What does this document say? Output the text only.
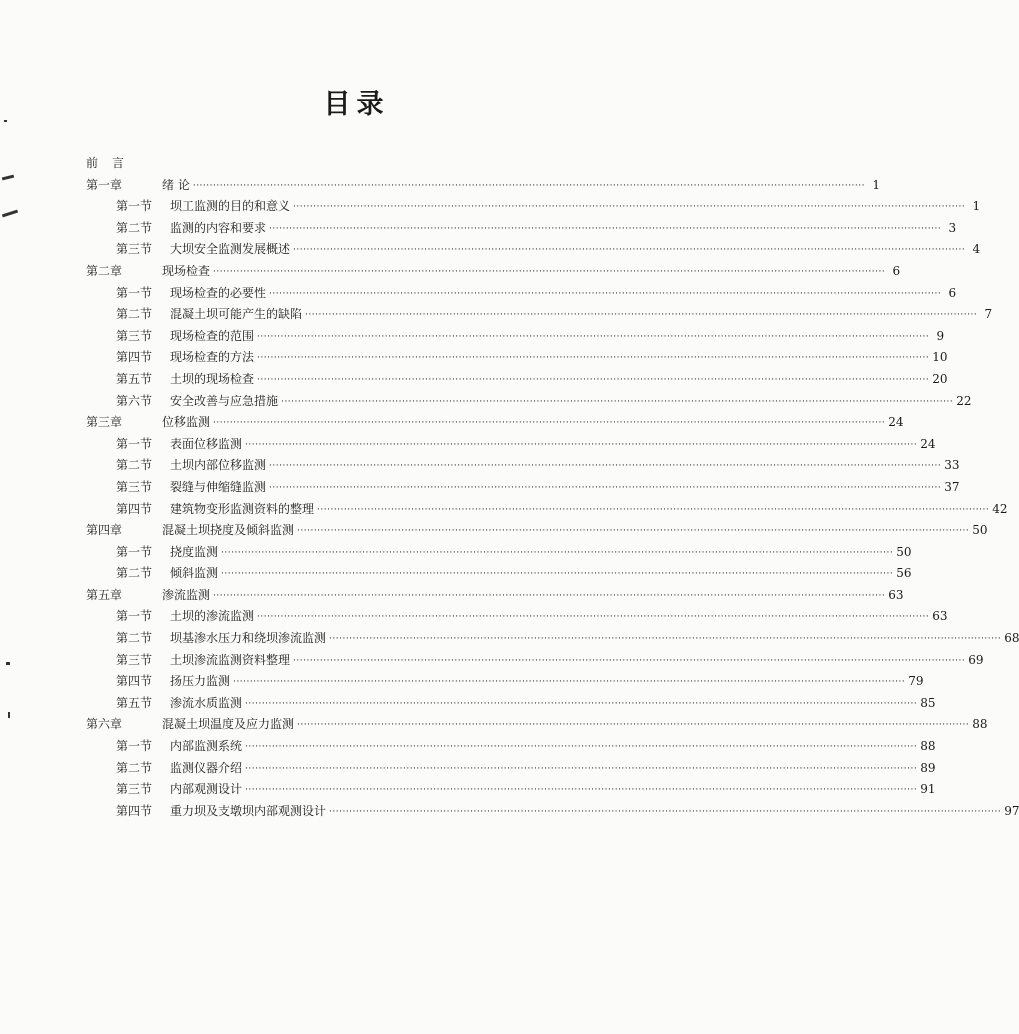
目录
前言
第一章	绪 论 ········································································································································································································ 1
第一节 坝工监测的目的和意义 ········································································································································································································ 1
第二节 监测的内容和要求 ········································································································································································································ 3
第三节 大坝安全监测发展概述 ········································································································································································································ 4
第二章	现场检查 ········································································································································································································ 6
第一节 现场检查的必要性 ········································································································································································································ 6
第二节 混凝土坝可能产生的缺陷 ········································································································································································································ 7
第三节 现场检查的范围 ········································································································································································································ 9
第四节 现场检查的方法 ········································································································································································································ 10
第五节 土坝的现场检查 ········································································································································································································ 20
第六节 安全改善与应急措施 ········································································································································································································ 22
第三章	位移监测 ········································································································································································································ 24
第一节 表面位移监测 ········································································································································································································ 24
第二节 土坝内部位移监测 ········································································································································································································ 33
第三节 裂缝与伸缩缝监测 ········································································································································································································ 37
第四节 建筑物变形监测资料的整理 ········································································································································································································ 42
第四章	混凝土坝挠度及倾斜监测 ········································································································································································································ 50
第一节 挠度监测 ········································································································································································································ 50
第二节 倾斜监测 ········································································································································································································ 56
第五章	渗流监测 ········································································································································································································ 63
第一节 土坝的渗流监测 ········································································································································································································ 63
第二节 坝基渗水压力和绕坝渗流监测 ········································································································································································································ 68
第三节 土坝渗流监测资料整理 ········································································································································································································ 69
第四节 扬压力监测 ········································································································································································································ 79
第五节 渗流水质监测 ········································································································································································································ 85
第六章	混凝土坝温度及应力监测 ········································································································································································································ 88
第一节 内部监测系统 ········································································································································································································ 88
第二节 监测仪器介绍 ········································································································································································································ 89
第三节 内部观测设计 ········································································································································································································ 91
第四节 重力坝及支墩坝内部观测设计 ········································································································································································································ 97
